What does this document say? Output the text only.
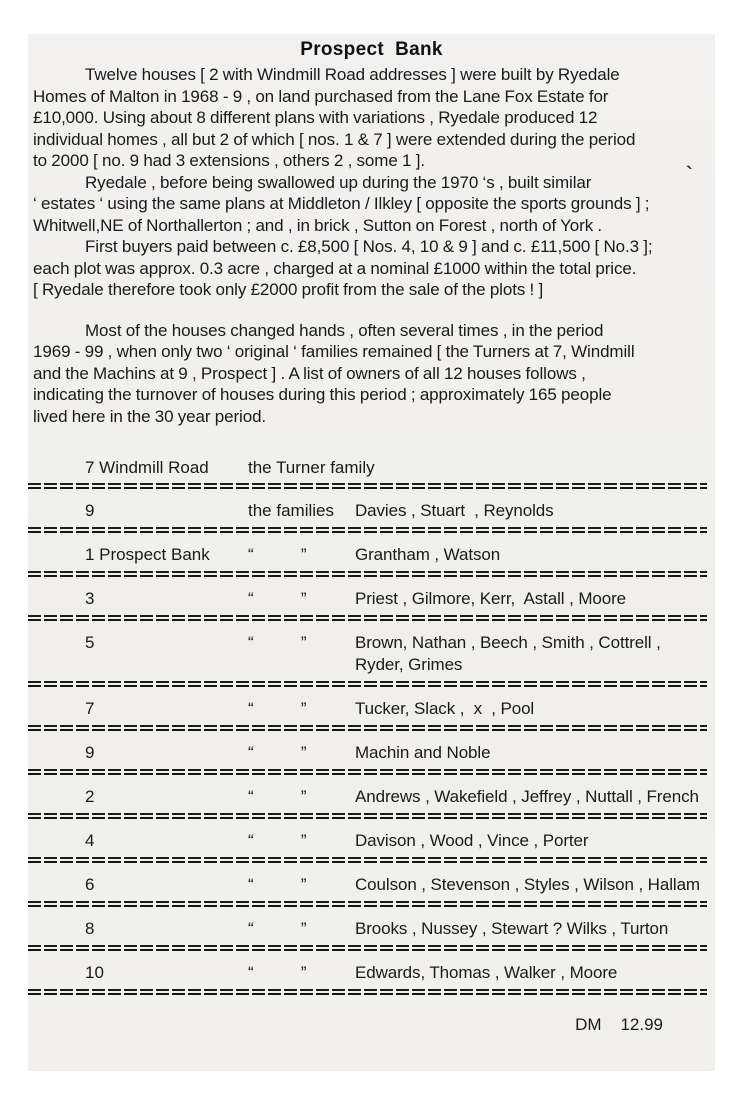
Prospect  Bank
`
Twelve houses [ 2 with Windmill Road addresses ] were built by Ryedale
Homes of Malton in 1968 - 9 , on land purchased from the Lane Fox Estate for
£10,000. Using about 8 different plans with variations , Ryedale produced 12
individual homes , all but 2 of which [ nos. 1 & 7 ] were extended during the period
to 2000 [ no. 9 had 3 extensions , others 2 , some 1 ].
Ryedale , before being swallowed up during the 1970 ‘s , built similar
‘ estates ‘ using the same plans at Middleton / Ilkley [ opposite the sports grounds ] ;
Whitwell,NE of Northallerton ; and , in brick , Sutton on Forest , north of York .
First buyers paid between c. £8,500 [ Nos. 4, 10 & 9 ] and c. £11,500 [ No.3 ];
each plot was approx. 0.3 acre , charged at a nominal £1000 within the total price.
[ Ryedale therefore took only £2000 profit from the sale of the plots ! ]
Most of the houses changed hands , often several times , in the period
1969 - 99 , when only two ‘ original ‘ families remained [ the Turners at 7, Windmill
and the Machins at 9 , Prospect ] . A list of owners of all 12 houses follows ,
indicating the turnover of houses during this period ; approximately 165 people
lived here in the 30 year period.
7 Windmill Road	the Turner family
9	the families	Davies , Stuart  , Reynolds
1 Prospect Bank	“          ”	Grantham , Watson
3	“          ”	Priest , Gilmore, Kerr,  Astall , Moore
5	“          ”	Brown, Nathan , Beech , Smith , Cottrell , Ryder, Grimes
7	“          ”	Tucker, Slack ,  x  , Pool
9	“          ”	Machin and Noble
2	“          ”	Andrews , Wakefield , Jeffrey , Nuttall , French
4	“          ”	Davison , Wood , Vince , Porter
6	“          ”	Coulson , Stevenson , Styles , Wilson , Hallam
8	“          ”	Brooks , Nussey , Stewart ? Wilks , Turton
10	“          ”	Edwards, Thomas , Walker , Moore
DM    12.99
